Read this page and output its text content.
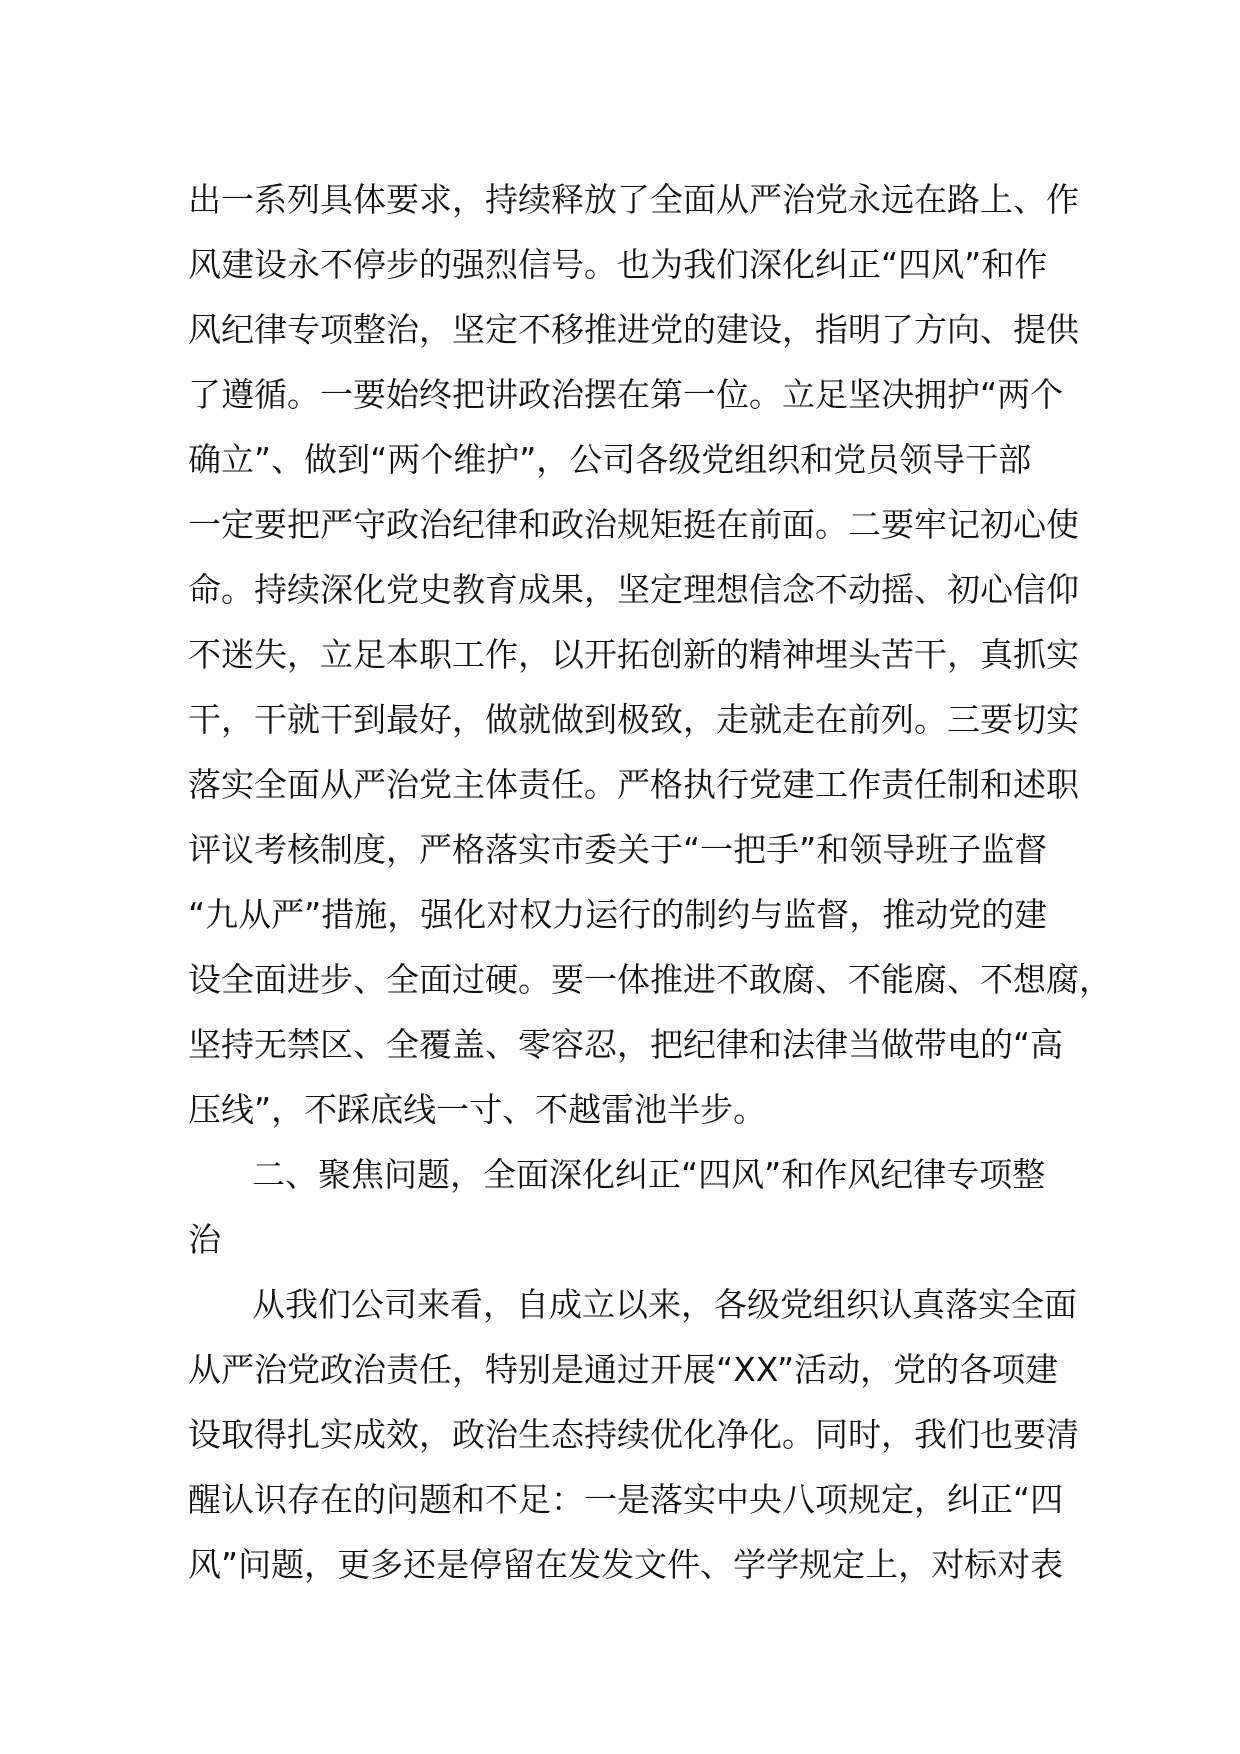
出一系列具体要求，持续释放了全面从严治党永远在路上、作
风建设永不停步的强烈信号。也为我们深化纠正“四风”和作
风纪律专项整治，坚定不移推进党的建设，指明了方向、提供
了遵循。一要始终把讲政治摆在第一位。立足坚决拥护“两个
确立”、做到“两个维护”，公司各级党组织和党员领导干部
一定要把严守政治纪律和政治规矩挺在前面。二要牢记初心使
命。持续深化党史教育成果，坚定理想信念不动摇、初心信仰
不迷失，立足本职工作，以开拓创新的精神埋头苦干，真抓实
干，干就干到最好，做就做到极致，走就走在前列。三要切实
落实全面从严治党主体责任。严格执行党建工作责任制和述职
评议考核制度，严格落实市委关于“一把手”和领导班子监督
“九从严”措施，强化对权力运行的制约与监督，推动党的建
设全面进步、全面过硬。要一体推进不敢腐、不能腐、不想腐，
坚持无禁区、全覆盖、零容忍，把纪律和法律当做带电的“高
压线”，不踩底线一寸、不越雷池半步。
二、聚焦问题，全面深化纠正“四风”和作风纪律专项整
治
从我们公司来看，自成立以来，各级党组织认真落实全面
从严治党政治责任，特别是通过开展“XX”活动，党的各项建
设取得扎实成效，政治生态持续优化净化。同时，我们也要清
醒认识存在的问题和不足：一是落实中央八项规定，纠正“四
风”问题，更多还是停留在发发文件、学学规定上，对标对表
